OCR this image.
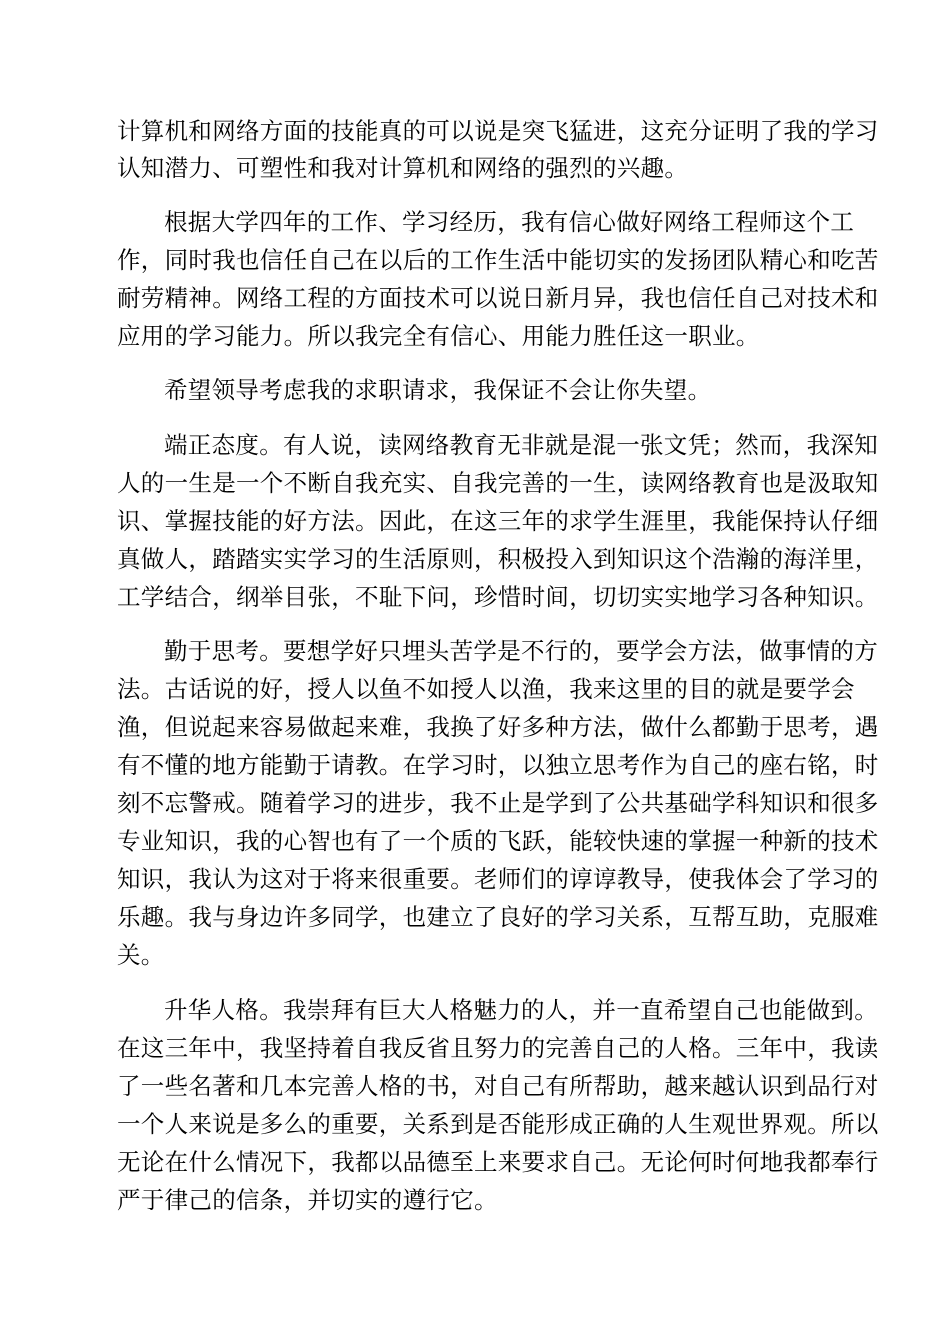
计算机和网络方面的技能真的可以说是突飞猛进，这充分证明了我的学习
认知潜力、可塑性和我对计算机和网络的强烈的兴趣。
根据大学四年的工作、学习经历，我有信心做好网络工程师这个工
作，同时我也信任自己在以后的工作生活中能切实的发扬团队精心和吃苦
耐劳精神。网络工程的方面技术可以说日新月异，我也信任自己对技术和
应用的学习能力。所以我完全有信心、用能力胜任这一职业。
希望领导考虑我的求职请求，我保证不会让你失望。
端正态度。有人说，读网络教育无非就是混一张文凭；然而，我深知
人的一生是一个不断自我充实、自我完善的一生，读网络教育也是汲取知
识、掌握技能的好方法。因此，在这三年的求学生涯里，我能保持认仔细
真做人，踏踏实实学习的生活原则，积极投入到知识这个浩瀚的海洋里，
工学结合，纲举目张，不耻下问，珍惜时间，切切实实地学习各种知识。
勤于思考。要想学好只埋头苦学是不行的，要学会方法，做事情的方
法。古话说的好，授人以鱼不如授人以渔，我来这里的目的就是要学会
渔，但说起来容易做起来难，我换了好多种方法，做什么都勤于思考，遇
有不懂的地方能勤于请教。在学习时，以独立思考作为自己的座右铭，时
刻不忘警戒。随着学习的进步，我不止是学到了公共基础学科知识和很多
专业知识，我的心智也有了一个质的飞跃，能较快速的掌握一种新的技术
知识，我认为这对于将来很重要。老师们的谆谆教导，使我体会了学习的
乐趣。我与身边许多同学，也建立了良好的学习关系，互帮互助，克服难
关。
升华人格。我崇拜有巨大人格魅力的人，并一直希望自己也能做到。
在这三年中，我坚持着自我反省且努力的完善自己的人格。三年中，我读
了一些名著和几本完善人格的书，对自己有所帮助，越来越认识到品行对
一个人来说是多么的重要，关系到是否能形成正确的人生观世界观。所以
无论在什么情况下，我都以品德至上来要求自己。无论何时何地我都奉行
严于律己的信条，并切实的遵行它。
